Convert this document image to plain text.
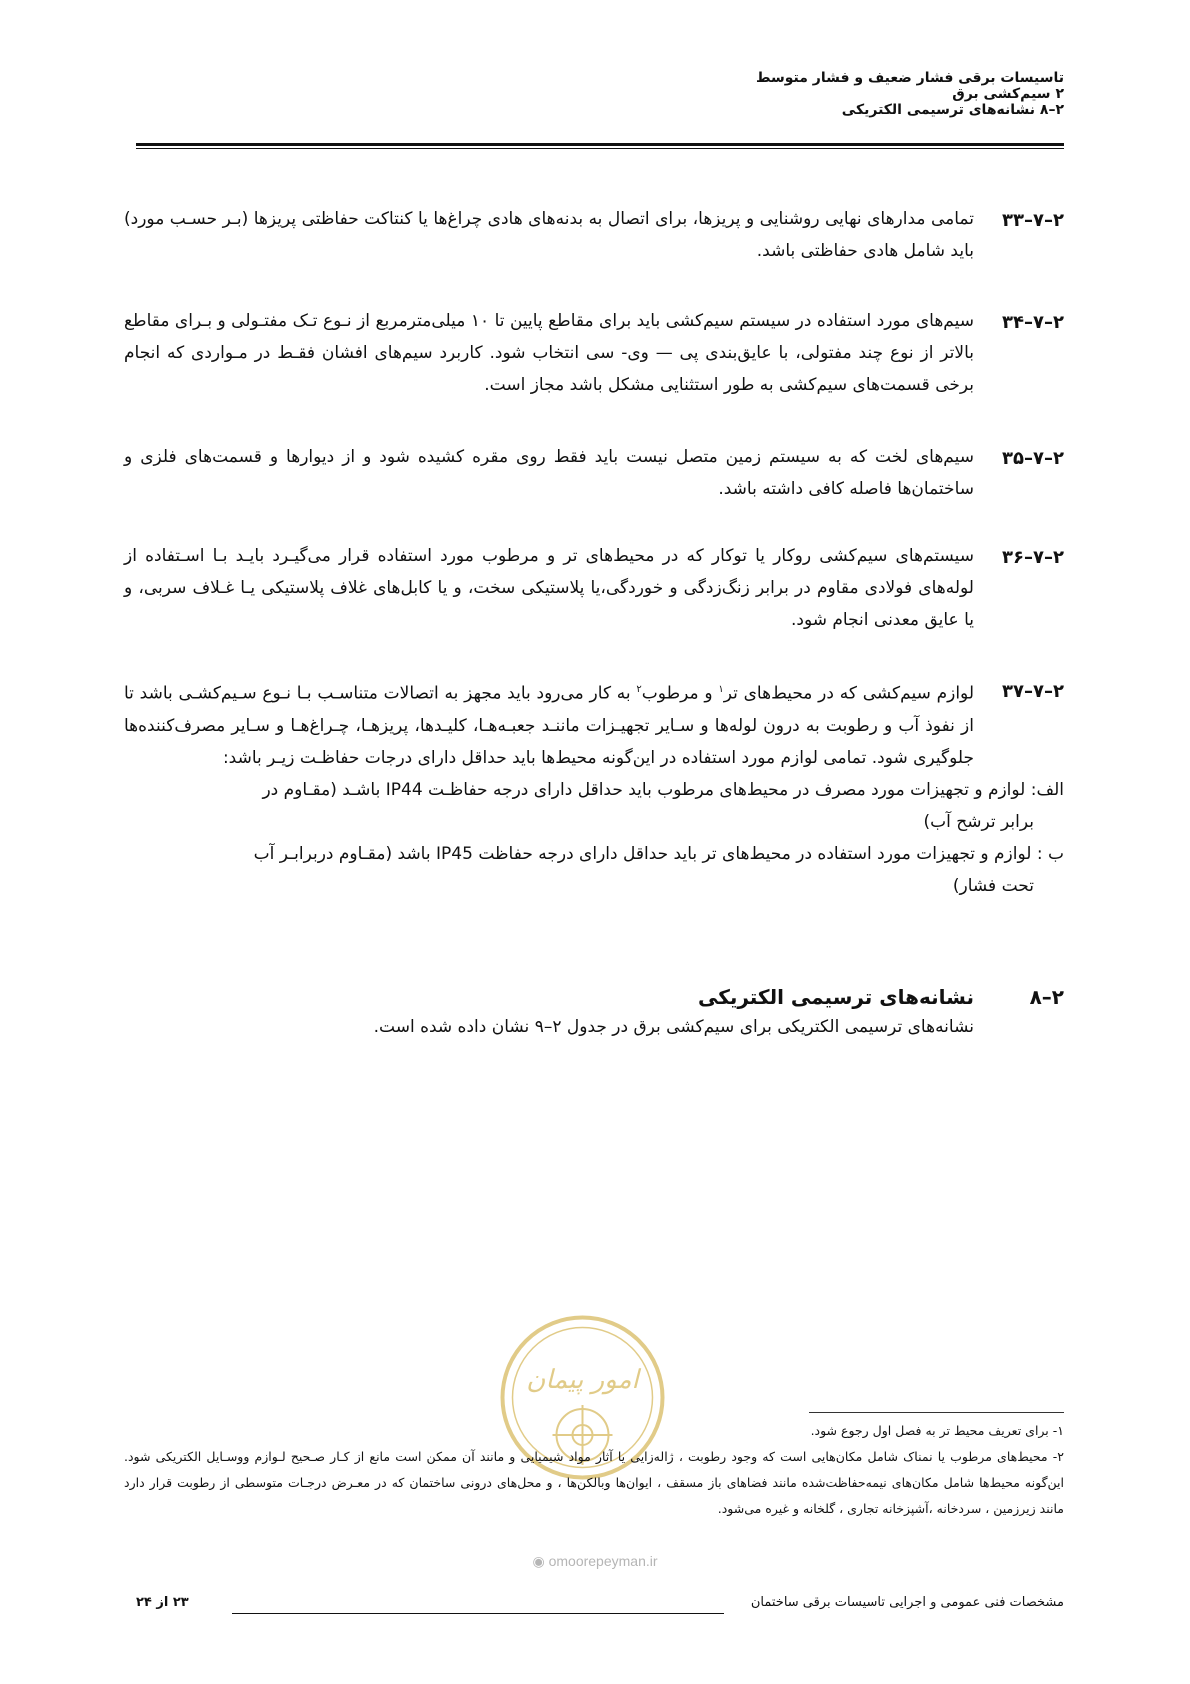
تاسیسات برقی فشار ضعیف و فشار متوسط
۲ سیم‌کشی برق
۲–۸ نشانه‌های ترسیمی الکتریکی
۲–۷–۳۳
تمامی مدارهای نهایی روشنایی و پریزها، برای اتصال به بدنه‌های هادی چراغ‌ها یا کنتاکت حفاظتی پریزها (بـر حسـب مورد) باید شامل هادی حفاظتی باشد.
۲–۷–۳۴
سیم‌های مورد استفاده در سیستم سیم‌کشی باید برای مقاطع پایین تا ۱۰ میلی‌مترمربع از نـوع تـک مفتـولی و بـرای مقاطع بالاتر از نوع چند مفتولی، با عایق‌بندی پی — وی- سی انتخاب شود. کاربرد سیم‌های افشان فقـط در مـواردی که انجام برخی قسمت‌های سیم‌کشی به طور استثنایی مشکل باشد مجاز است.
۲–۷–۳۵
سیم‌های لخت که به سیستم زمین متصل نیست باید فقط روی مقره کشیده شود و از دیوارها و قسمت‌های فلزی و ساختمان‌ها فاصله کافی داشته باشد.
۲–۷–۳۶
سیستم‌های سیم‌کشی روکار یا توکار که در محیط‌های تر و مرطوب مورد استفاده قرار می‌گیـرد بایـد بـا اسـتفاده از لوله‌های فولادی مقاوم در برابر زنگ‌زدگی و خوردگی،یا پلاستیکی سخت، و یا کابل‌های غلاف پلاستیکی یـا غـلاف سربی، و یا عایق معدنی انجام شود.
۲–۷–۳۷
لوازم سیم‌کشی که در محیط‌های تر$^۱$ و مرطوب$^۲$ به کار می‌رود باید مجهز به اتصالات متناسـب بـا نـوع سـیم‌کشـی باشد تا از نفوذ آب و رطوبت به درون لوله‌ها و سـایر تجهیـزات ماننـد جعبـه‌هـا، کلیـدها، پریزهـا، چـراغ‌هـا و سـایر مصرف‌کننده‌ها جلوگیری شود. تمامی لوازم مورد استفاده در این‌گونه محیط‌ها باید حداقل دارای درجات حفاظـت زیـر باشد:
الف: لوازم و تجهیزات مورد مصرف در محیط‌های مرطوب باید حداقل دارای درجه حفاظـت IP44 باشـد (مقـاوم در
برابر ترشح آب)
ب : لوازم و تجهیزات مورد استفاده در محیط‌های تر باید حداقل دارای درجه حفاظت IP45 باشد (مقـاوم دربرابـر آب
تحت فشار)
۲–۸
نشانه‌های ترسیمی الکتریکی
نشانه‌های ترسیمی الکتریکی برای سیم‌کشی برق در جدول ۲–۹ نشان داده شده است.
امور پیمان
۱- برای تعریف محیط تر به فصل اول رجوع شود.
۲- محیط‌های مرطوب یا نمناک شامل مکان‌هایی است که وجود رطوبت ، ژاله‌زایی یا آثار مواد شیمیایی و مانند آن ممکن است مانع از کـار صـحیح لـوازم ووسـایل الکتریکی شود. این‌گونه محیط‌ها شامل مکان‌های نیمه‌حفاظت‌شده مانند فضاهای باز مسقف ، ایوان‌ها وبالکن‌ها ، و محل‌های درونی ساختمان که در معـرض درجـات متوسطی از رطوبت قرار دارد مانند زیرزمین ، سردخانه ،آشپزخانه تجاری ، گلخانه و غیره می‌شود.
◉ omoorepeyman.ir
مشخصات فنی عمومی و اجرایی تاسیسات برقی ساختمان
۲۳ از ۲۴
